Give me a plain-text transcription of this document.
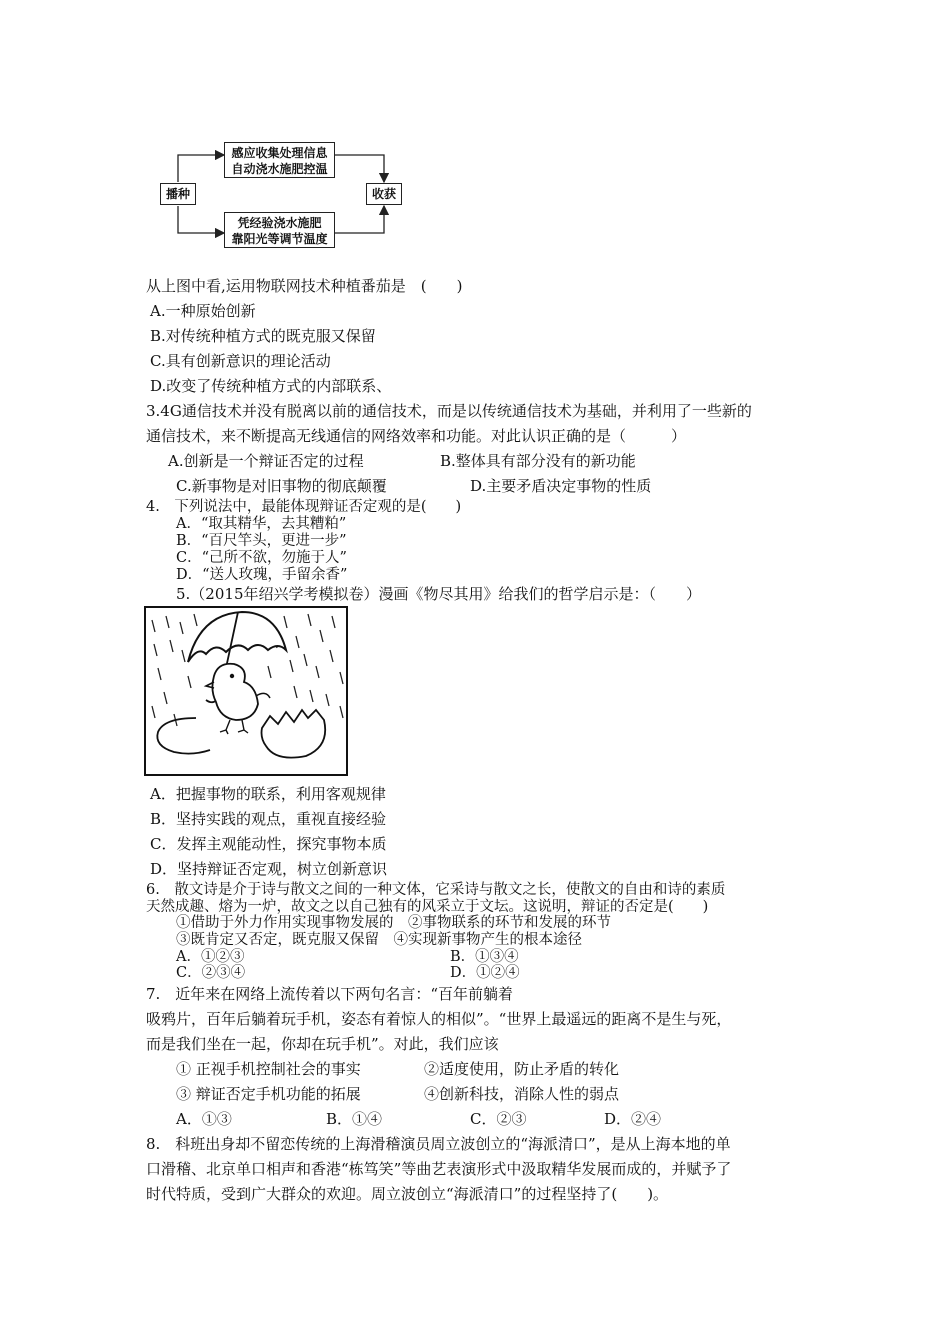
感应收集处理信息
自动浇水施肥控温
播种	收获
凭经验浇水施肥
靠阳光等调节温度
从上图中看,运用物联网技术种植番茄是　(　　)
A.一种原始创新
B.对传统种植方式的既克服又保留
C.具有创新意识的理论活动
D.改变了传统种植方式的内部联系、
3.4G通信技术并没有脱离以前的通信技术，而是以传统通信技术为基础，并利用了一些新的
通信技术，来不断提高无线通信的网络效率和功能。对此认识正确的是（　　　）
A.创新是一个辩证否定的过程	B.整体具有部分没有的新功能
C.新事物是对旧事物的彻底颠覆	D.主要矛盾决定事物的性质
4.　下列说法中，最能体现辩证否定观的是(　　)
A．“取其精华，去其糟粕”
B．“百尺竿头，更进一步”
C．“己所不欲，勿施于人”
D．“送人玫瑰，手留余香”
5.（2015年绍兴学考模拟卷）漫画《物尽其用》给我们的哲学启示是：（　　）
A．把握事物的联系，利用客观规律
B．坚持实践的观点，重视直接经验
C．发挥主观能动性，探究事物本质
D．坚持辩证否定观，树立创新意识
6.　散文诗是介于诗与散文之间的一种文体，它采诗与散文之长，使散文的自由和诗的素质
天然成趣、熔为一炉，故文之以自己独有的风采立于文坛。这说明，辩证的否定是(　　)
①借助于外力作用实现事物发展的　②事物联系的环节和发展的环节
③既肯定又否定，既克服又保留　④实现新事物产生的根本途径
A．①②③	B．①③④
C．②③④	D．①②④
7.　近年来在网络上流传着以下两句名言：“百年前躺着
吸鸦片，百年后躺着玩手机，姿态有着惊人的相似”。“世界上最遥远的距离不是生与死，
而是我们坐在一起，你却在玩手机”。对此，我们应该
① 正视手机控制社会的事实	②适度使用，防止矛盾的转化
③ 辩证否定手机功能的拓展	④创新科技，消除人性的弱点
A．①③	B．①④	C．②③	D．②④
8.　科班出身却不留恋传统的上海滑稽演员周立波创立的“海派清口”，是从上海本地的单
口滑稽、北京单口相声和香港“栋笃笑”等曲艺表演形式中汲取精华发展而成的，并赋予了
时代特质，受到广大群众的欢迎。周立波创立“海派清口”的过程坚持了(　　)。
